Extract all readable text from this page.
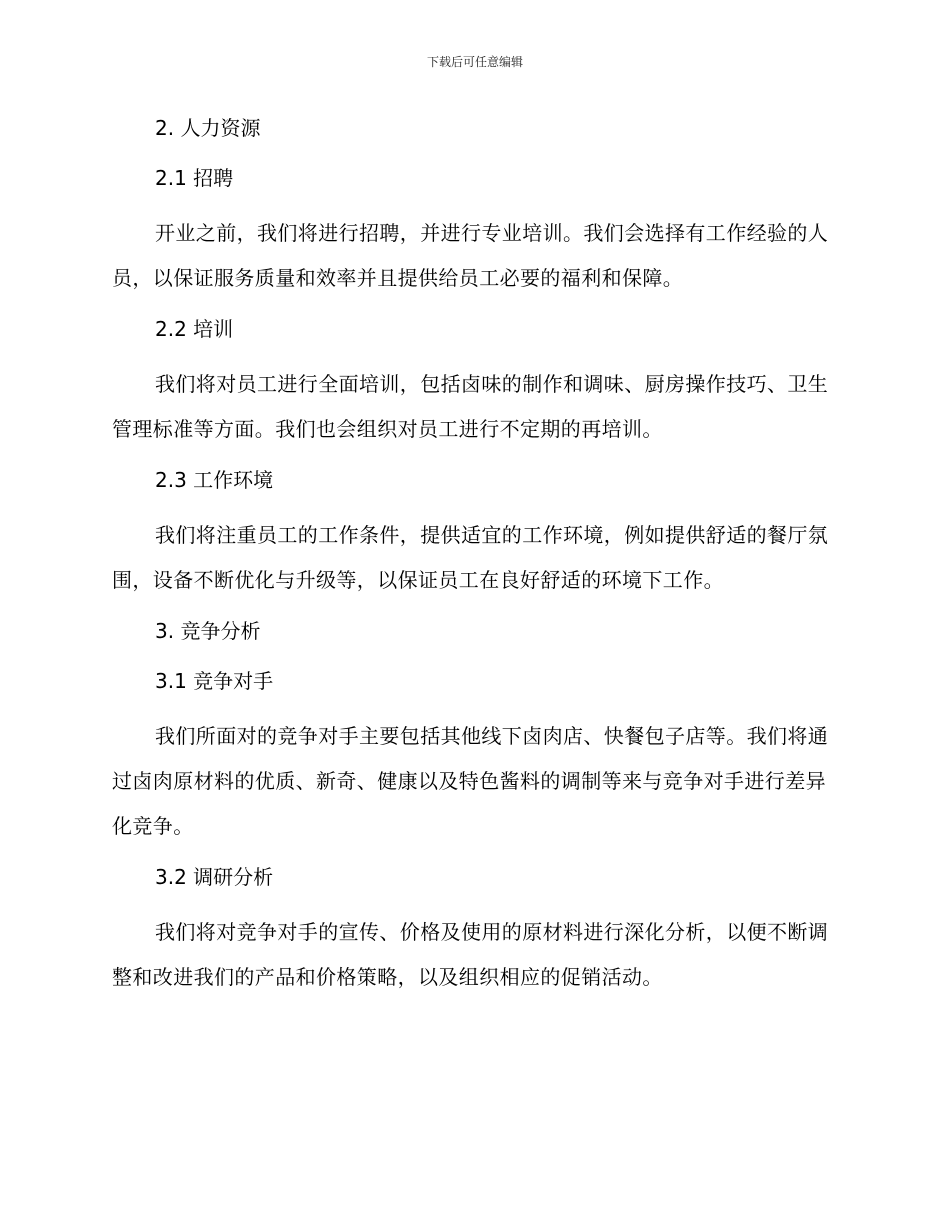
下载后可任意编辑
2. 人力资源
2.1 招聘

开业之前，我们将进行招聘，并进行专业培训。我们会选择有工作经验的人员，以保证服务质量和效率并且提供给员工必要的福利和保障。

2.2 培训

我们将对员工进行全面培训，包括卤味的制作和调味、厨房操作技巧、卫生管理标准等方面。我们也会组织对员工进行不定期的再培训。

2.3 工作环境

我们将注重员工的工作条件，提供适宜的工作环境，例如提供舒适的餐厅氛围，设备不断优化与升级等，以保证员工在良好舒适的环境下工作。

3. 竞争分析
3.1 竞争对手

我们所面对的竞争对手主要包括其他线下卤肉店、快餐包子店等。我们将通过卤肉原材料的优质、新奇、健康以及特色酱料的调制等来与竞争对手进行差异化竞争。

3.2 调研分析

我们将对竞争对手的宣传、价格及使用的原材料进行深化分析，以便不断调整和改进我们的产品和价格策略，以及组织相应的促销活动。
